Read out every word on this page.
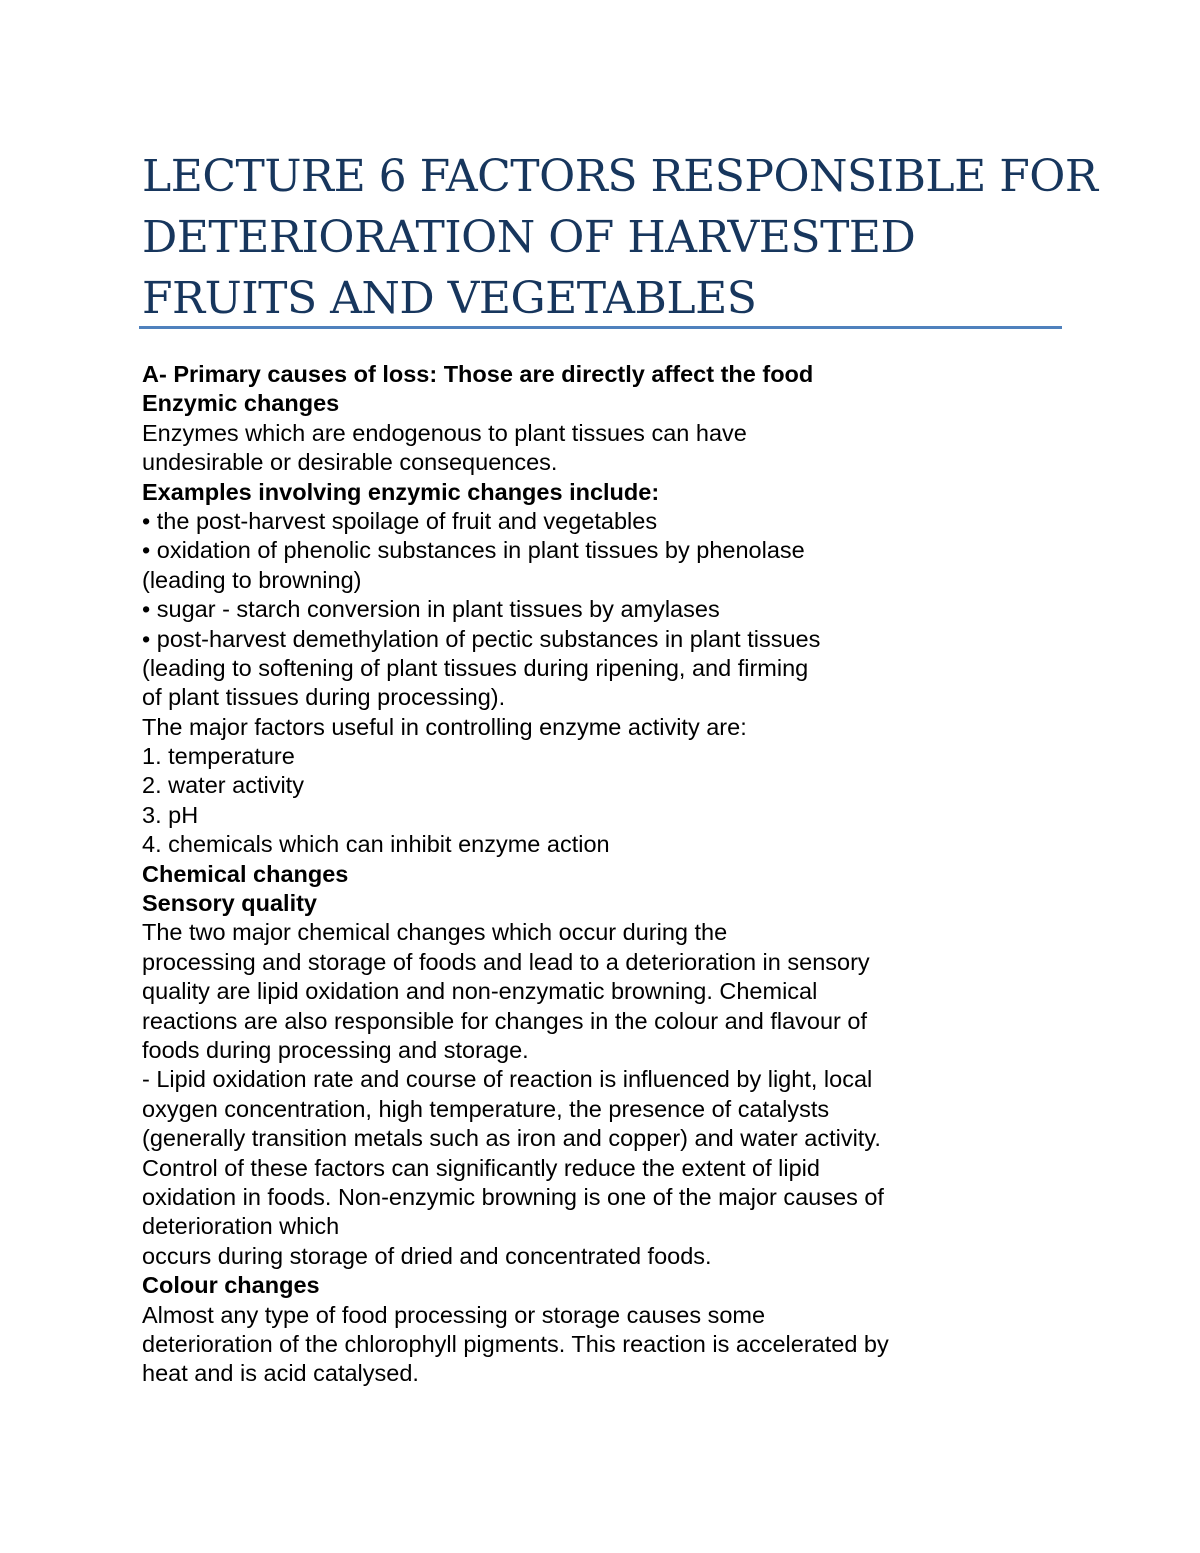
LECTURE 6 FACTORS RESPONSIBLE FOR
DETERIORATION OF HARVESTED
FRUITS AND VEGETABLES
A- Primary causes of loss: Those are directly affect the food
Enzymic changes
Enzymes which are endogenous to plant tissues can have
undesirable or desirable consequences.
Examples involving enzymic changes include:
• the post-harvest spoilage of fruit and vegetables
• oxidation of phenolic substances in plant tissues by phenolase
(leading to browning)
• sugar - starch conversion in plant tissues by amylases
• post-harvest demethylation of pectic substances in plant tissues
(leading to softening of plant tissues during ripening, and firming
of plant tissues during processing).
The major factors useful in controlling enzyme activity are:
1. temperature
2. water activity
3. pH
4. chemicals which can inhibit enzyme action
Chemical changes
Sensory quality
The two major chemical changes which occur during the
processing and storage of foods and lead to a deterioration in sensory
quality are lipid oxidation and non-enzymatic browning. Chemical
reactions are also responsible for changes in the colour and flavour of
foods during processing and storage.
- Lipid oxidation rate and course of reaction is influenced by light, local
oxygen concentration, high temperature, the presence of catalysts
(generally transition metals such as iron and copper) and water activity.
Control of these factors can significantly reduce the extent of lipid
oxidation in foods. Non-enzymic browning is one of the major causes of
deterioration which
occurs during storage of dried and concentrated foods.
Colour changes
Almost any type of food processing or storage causes some
deterioration of the chlorophyll pigments. This reaction is accelerated by
heat and is acid catalysed.
